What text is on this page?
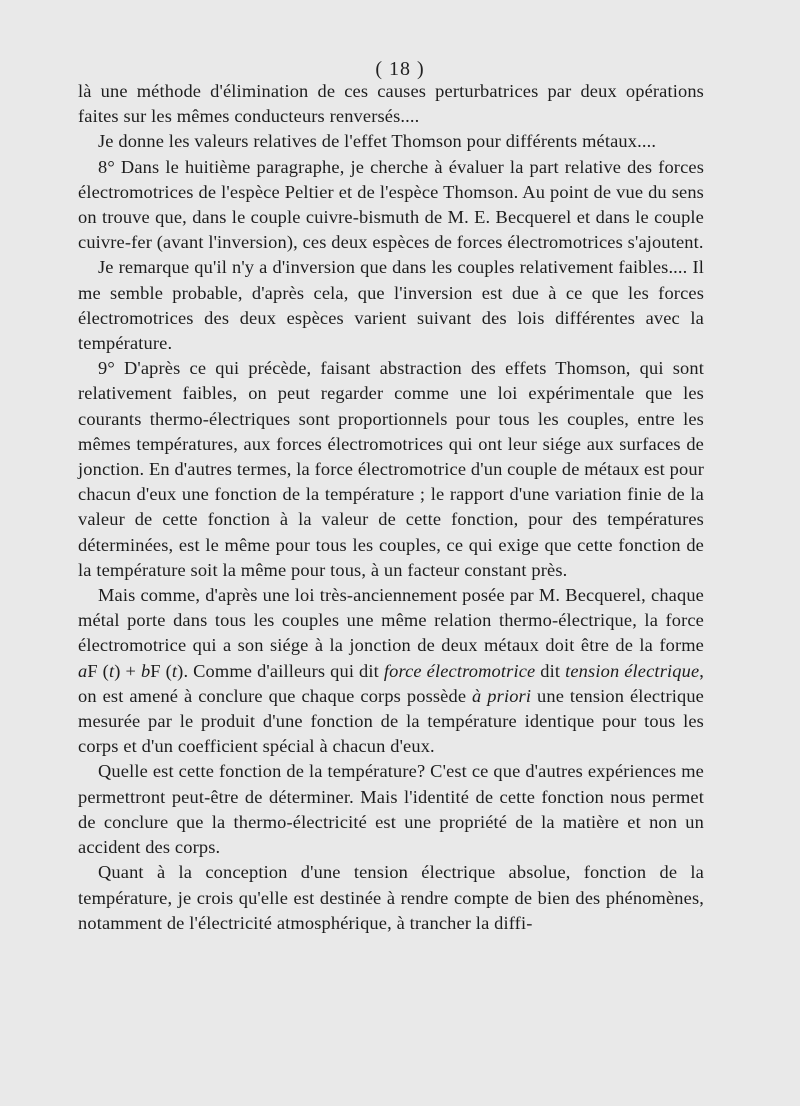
( 18 )

là une méthode d'élimination de ces causes perturbatrices par deux opérations faites sur les mêmes conducteurs renversés....

Je donne les valeurs relatives de l'effet Thomson pour différents métaux....

8° Dans le huitième paragraphe, je cherche à évaluer la part relative des forces électromotrices de l'espèce Peltier et de l'espèce Thomson. Au point de vue du sens on trouve que, dans le couple cuivre-bismuth de M. E. Becquerel et dans le couple cuivre-fer (avant l'inversion), ces deux espèces de forces électromotrices s'ajoutent.

Je remarque qu'il n'y a d'inversion que dans les couples relativement faibles.... Il me semble probable, d'après cela, que l'inversion est due à ce que les forces électromotrices des deux espèces varient suivant des lois différentes avec la température.

9° D'après ce qui précède, faisant abstraction des effets Thomson, qui sont relativement faibles, on peut regarder comme une loi expérimentale que les courants thermo-électriques sont proportionnels pour tous les couples, entre les mêmes températures, aux forces électromotrices qui ont leur siége aux surfaces de jonction. En d'autres termes, la force électromotrice d'un couple de métaux est pour chacun d'eux une fonction de la température ; le rapport d'une variation finie de la valeur de cette fonction à la valeur de cette fonction, pour des températures déterminées, est le même pour tous les couples, ce qui exige que cette fonction de la température soit la même pour tous, à un facteur constant près.

Mais comme, d'après une loi très-anciennement posée par M. Becquerel, chaque métal porte dans tous les couples une même relation thermo-électrique, la force électromotrice qui a son siége à la jonction de deux métaux doit être de la forme aF (t) + bF (t). Comme d'ailleurs qui dit force électromotrice dit tension électrique, on est amené à conclure que chaque corps possède à priori une tension électrique mesurée par le produit d'une fonction de la température identique pour tous les corps et d'un coefficient spécial à chacun d'eux.

Quelle est cette fonction de la température? C'est ce que d'autres expériences me permettront peut-être de déterminer. Mais l'identité de cette fonction nous permet de conclure que la thermo-électricité est une propriété de la matière et non un accident des corps.

Quant à la conception d'une tension électrique absolue, fonction de la température, je crois qu'elle est destinée à rendre compte de bien des phénomènes, notamment de l'électricité atmosphérique, à trancher la diffi-
